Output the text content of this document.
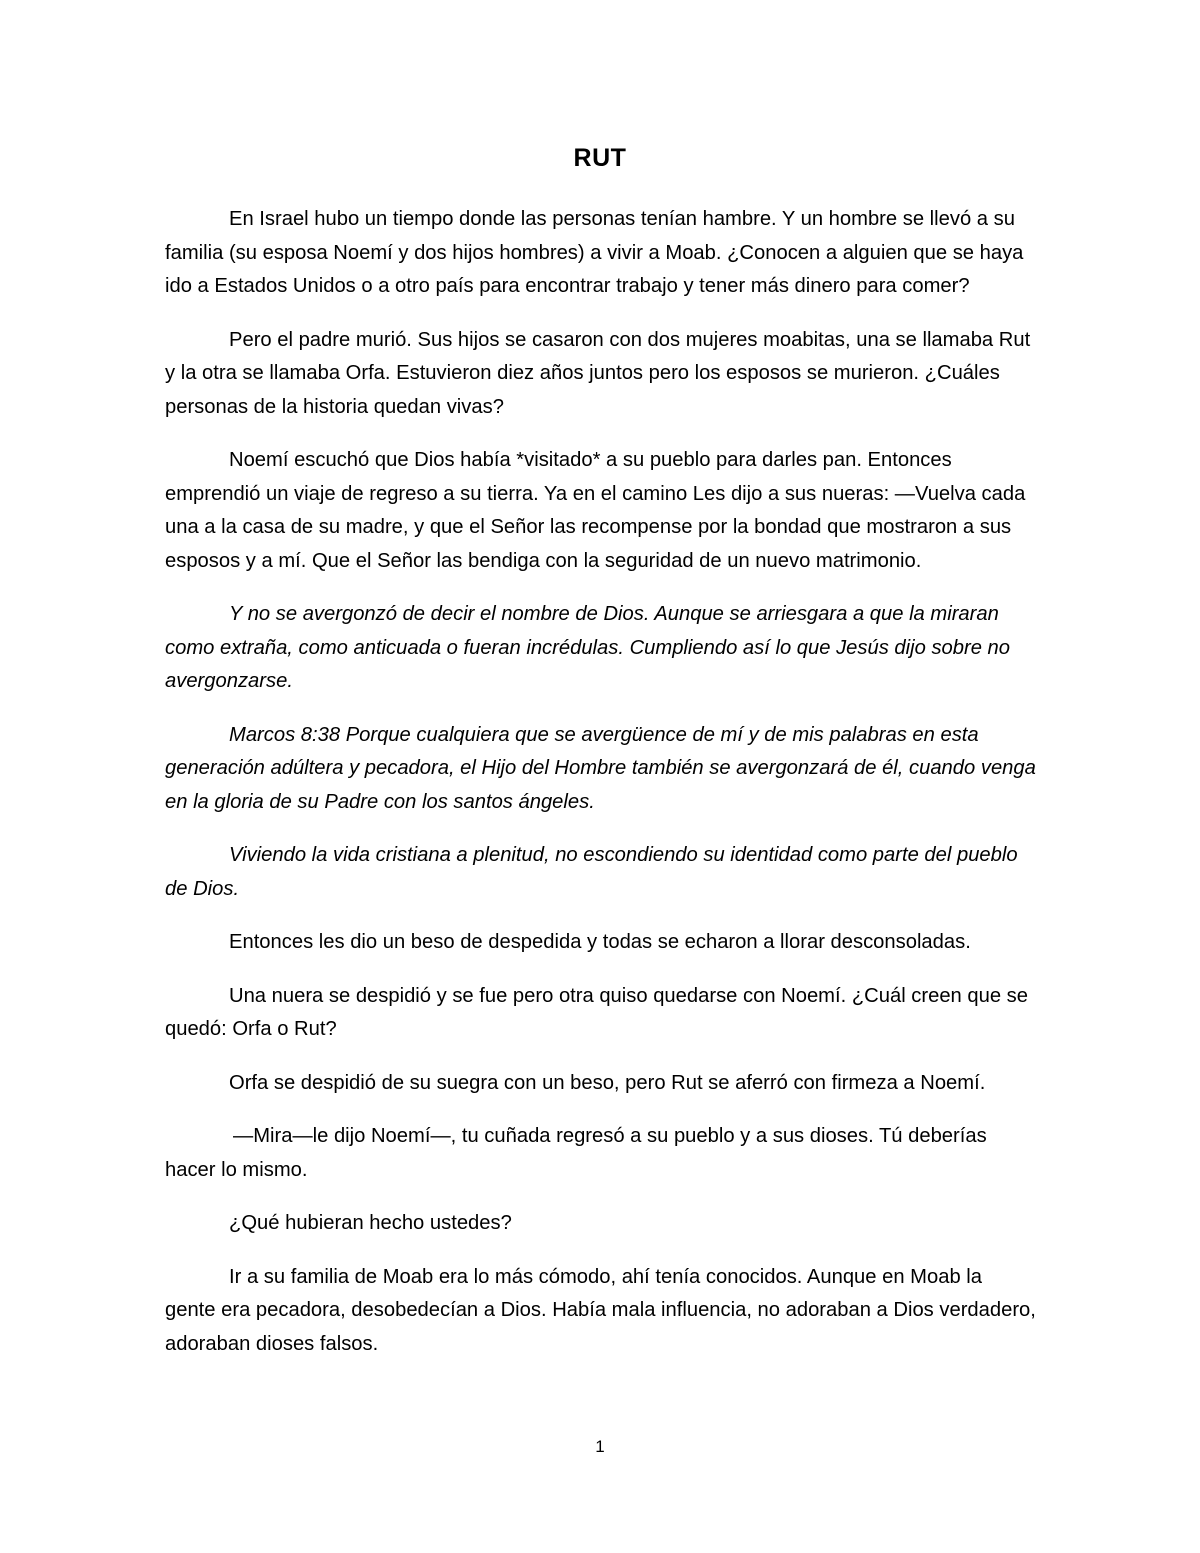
RUT

En Israel hubo un tiempo donde las personas tenían hambre. Y un hombre se llevó a su familia (su esposa Noemí y dos hijos hombres) a vivir a Moab. ¿Conocen a alguien que se haya ido a Estados Unidos o a otro país para encontrar trabajo y tener más dinero para comer?

Pero el padre murió. Sus hijos se casaron con dos mujeres moabitas, una se llamaba Rut y la otra se llamaba Orfa. Estuvieron diez años juntos pero los esposos se murieron. ¿Cuáles personas de la historia quedan vivas?

Noemí escuchó que Dios había *visitado* a su pueblo para darles pan. Entonces emprendió un viaje de regreso a su tierra. Ya en el camino Les dijo a sus nueras: —Vuelva cada una a la casa de su madre, y que el Señor las recompense por la bondad que mostraron a sus esposos y a mí. Que el Señor las bendiga con la seguridad de un nuevo matrimonio.

Y no se avergonzó de decir el nombre de Dios. Aunque se arriesgara a que la miraran como extraña, como anticuada o fueran incrédulas. Cumpliendo así lo que Jesús dijo sobre no avergonzarse.

Marcos 8:38 Porque cualquiera que se avergüence de mí y de mis palabras en esta generación adúltera y pecadora, el Hijo del Hombre también se avergonzará de él, cuando venga en la gloria de su Padre con los santos ángeles.

Viviendo la vida cristiana a plenitud, no escondiendo su identidad como parte del pueblo de Dios.

Entonces les dio un beso de despedida y todas se echaron a llorar desconsoladas.

Una nuera se despidió y se fue pero otra quiso quedarse con Noemí. ¿Cuál creen que se quedó: Orfa o Rut?

Orfa se despidió de su suegra con un beso, pero Rut se aferró con firmeza a Noemí.

—Mira—le dijo Noemí—, tu cuñada regresó a su pueblo y a sus dioses. Tú deberías hacer lo mismo.

¿Qué hubieran hecho ustedes?

Ir a su familia de Moab era lo más cómodo, ahí tenía conocidos. Aunque en Moab la gente era pecadora, desobedecían a Dios. Había mala influencia, no adoraban a Dios verdadero, adoraban dioses falsos.

1
